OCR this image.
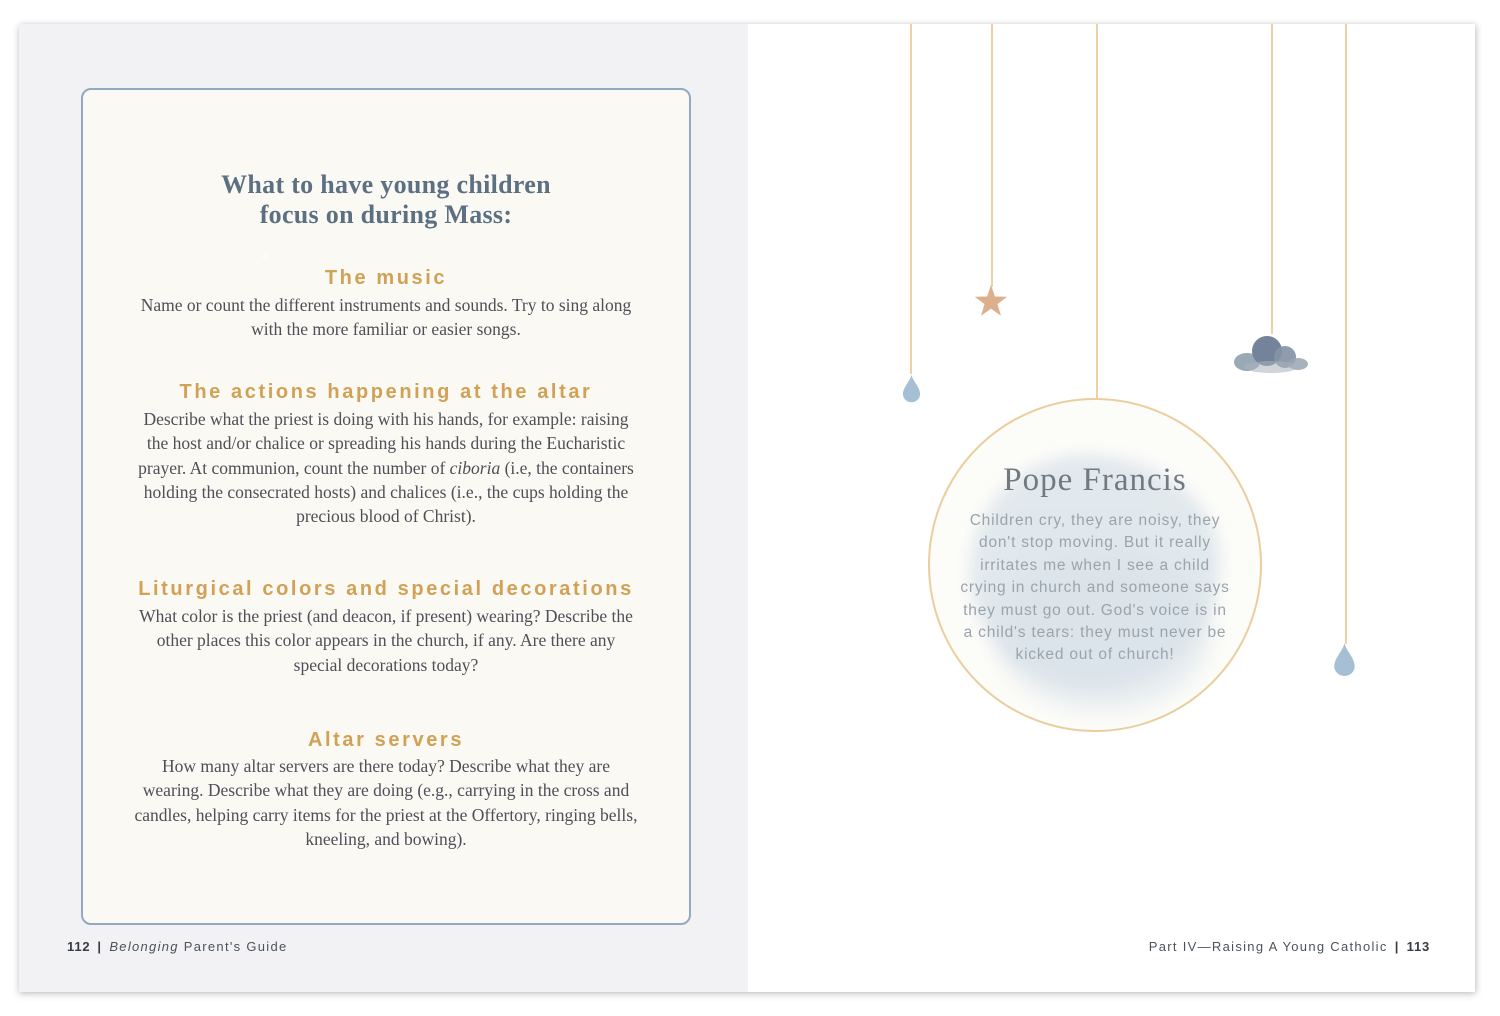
What to have young children
focus on during Mass:
The music
Name or count the different instruments and sounds. Try to sing along with the more familiar or easier songs.
The actions happening at the altar
Describe what the priest is doing with his hands, for example: raising the host and/or chalice or spreading his hands during the Eucharistic prayer. At communion, count the number of ciboria (i.e, the containers holding the consecrated hosts) and chalices (i.e., the cups holding the precious blood of Christ).
Liturgical colors and special decorations
What color is the priest (and deacon, if present) wearing? Describe the other places this color appears in the church, if any. Are there any special decorations today?
Altar servers
How many altar servers are there today? Describe what they are wearing. Describe what they are doing (e.g., carrying in the cross and candles, helping carry items for the priest at the Offertory, ringing bells, kneeling, and bowing).
112 | Belonging Parent's Guide
Pope Francis
Children cry, they are noisy, they don't stop moving. But it really irritates me when I see a child crying in church and someone says they must go out. God's voice is in a child's tears: they must never be kicked out of church!
Part IV—Raising A Young Catholic | 113
